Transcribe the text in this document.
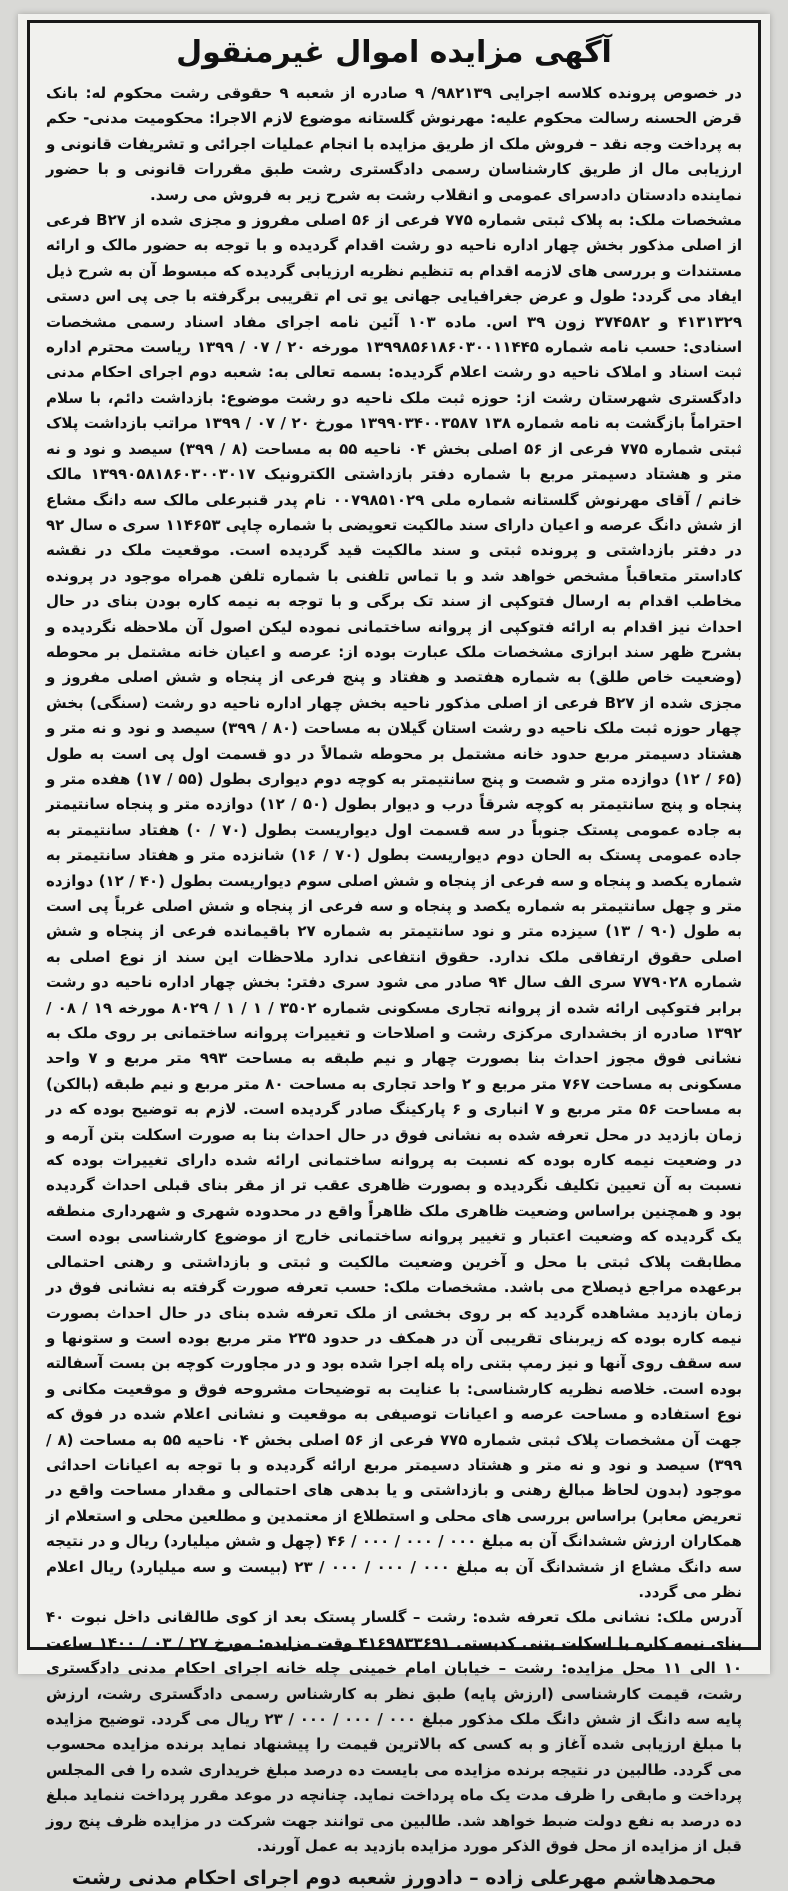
آگهی مزایده اموال غیرمنقول

در خصوص پرونده کلاسه اجرایی ۹۸۲۱۳۹/ ۹ صادره از شعبه ۹ حقوقی رشت محکوم له: بانک قرض الحسنه رسالت محکوم علیه: مهرنوش گلستانه موضوع لازم الاجرا: محکومیت مدنی- حکم به پرداخت وجه نقد – فروش ملک از طریق مزایده با انجام عملیات اجرائی و تشریفات قانونی و ارزیابی مال از طریق کارشناسان رسمی دادگستری رشت طبق مقررات قانونی و با حضور نماینده دادستان دادسرای عمومی و انقلاب رشت به شرح زیر به فروش می رسد.

مشخصات ملک: به پلاک ثبتی شماره ۷۷۵ فرعی از ۵۶ اصلی مفروز و مجزی شده از B۲۷ فرعی از اصلی مذکور بخش چهار اداره ناحیه دو رشت اقدام گردیده و با توجه به حضور مالک و ارائه مستندات و بررسی های لازمه اقدام به تنظیم نظریه ارزیابی گردیده که مبسوط آن به شرح ذیل ایفاد می گردد: طول و عرض جغرافیایی جهانی یو تی ام تقریبی برگرفته با جی پی اس دستی ۴۱۳۱۳۲۹ و ۳۷۴۵۸۲ زون ۳۹ اس. ماده ۱۰۳ آئین نامه اجرای مفاد اسناد رسمی مشخصات اسنادی: حسب نامه شماره ۱۳۹۹۸۵۶۱۸۶۰۳۰۰۱۱۴۴۵ مورخه ۲۰ / ۰۷ / ۱۳۹۹ ریاست محترم اداره ثبت اسناد و املاک ناحیه دو رشت اعلام گردیده: بسمه تعالی به: شعبه دوم اجرای احکام مدنی دادگستری شهرستان رشت از: حوزه ثبت ملک ناحیه دو رشت موضوع: بازداشت دائم، با سلام احتراماً بازگشت به نامه شماره ۱۳۸ ۱۳۹۹۰۳۴۰۰۳۵۸۷ مورخ ۲۰ / ۰۷ / ۱۳۹۹ مراتب بازداشت پلاک ثبتی شماره ۷۷۵ فرعی از ۵۶ اصلی بخش ۰۴ ناحیه ۵۵ به مساحت (۸ / ۳۹۹) سیصد و نود و نه متر و هشتاد دسیمتر مربع با شماره دفتر بازداشتی الکترونیک ۱۳۹۹۰۵۸۱۸۶۰۳۰۰۳۰۱۷ مالک خانم / آقای مهرنوش گلستانه شماره ملی ۰۰۷۹۸۵۱۰۲۹ نام پدر قنبرعلی مالک سه دانگ مشاع از شش دانگ عرصه و اعیان دارای سند مالکیت تعویضی با شماره چاپی ۱۱۴۶۵۳ سری ه سال ۹۲ در دفتر بازداشتی و پرونده ثبتی و سند مالکیت قید گردیده است. موقعیت ملک در نقشه کاداستر متعاقباً مشخص خواهد شد و با تماس تلفنی با شماره تلفن همراه موجود در پرونده مخاطب اقدام به ارسال فتوکپی از سند تک برگی و با توجه به نیمه کاره بودن بنای در حال احداث نیز اقدام به ارائه فتوکپی از پروانه ساختمانی نموده لیکن اصول آن ملاحظه نگردیده و بشرح ظهر سند ابرازی مشخصات ملک عبارت بوده از: عرصه و اعیان خانه مشتمل بر محوطه (وضعیت خاص طلق) به شماره هفتصد و هفتاد و پنج فرعی از پنجاه و شش اصلی مفروز و مجزی شده از B۲۷ فرعی از اصلی مذکور ناحیه بخش چهار اداره ناحیه دو رشت (سنگی) بخش چهار حوزه ثبت ملک ناحیه دو رشت استان گیلان به مساحت (۸۰ / ۳۹۹) سیصد و نود و نه متر و هشتاد دسیمتر مربع حدود خانه مشتمل بر محوطه شمالاً در دو قسمت اول پی است به طول (۶۵ / ۱۲) دوازده متر و شصت و پنج سانتیمتر به کوچه دوم دیواری بطول (۵۵ / ۱۷) هفده متر و پنجاه و پنج سانتیمتر به کوچه شرقاً درب و دیوار بطول (۵۰ / ۱۲) دوازده متر و پنجاه سانتیمتر به جاده عمومی پستک جنوباً در سه قسمت اول دیواریست بطول (۷۰ / ۰) هفتاد سانتیمتر به جاده عمومی پستک به الحان دوم دیواریست بطول (۷۰ / ۱۶) شانزده متر و هفتاد سانتیمتر به شماره یکصد و پنجاه و سه فرعی از پنجاه و شش اصلی سوم دیواریست بطول (۴۰ / ۱۲) دوازده متر و چهل سانتیمتر به شماره یکصد و پنجاه و سه فرعی از پنجاه و شش اصلی غرباً پی است به طول (۹۰ / ۱۳) سیزده متر و نود سانتیمتر به شماره ۲۷ باقیمانده فرعی از پنجاه و شش اصلی حقوق ارتفاقی ملک ندارد. حقوق انتفاعی ندارد ملاحظات این سند از نوع اصلی به شماره ۷۷۹۰۲۸ سری الف سال ۹۴ صادر می شود سری دفتر: بخش چهار اداره ناحیه دو رشت برابر فتوکپی ارائه شده از پروانه تجاری مسکونی شماره ۳۵۰۲ / ۱ / ۱ / ۸۰۲۹ مورخه ۱۹ / ۰۸ / ۱۳۹۲ صادره از بخشداری مرکزی رشت و اصلاحات و تغییرات پروانه ساختمانی بر روی ملک به نشانی فوق مجوز احداث بنا بصورت چهار و نیم طبقه به مساحت ۹۹۳ متر مربع و ۷ واحد مسکونی به مساحت ۷۶۷ متر مربع و ۲ واحد تجاری به مساحت ۸۰ متر مربع و نیم طبقه (بالکن) به مساحت ۵۶ متر مربع و ۷ انباری و ۶ پارکینگ صادر گردیده است. لازم به توضیح بوده که در زمان بازدید در محل تعرفه شده به نشانی فوق در حال احداث بنا به صورت اسکلت بتن آرمه و در وضعیت نیمه کاره بوده که نسبت به پروانه ساختمانی ارائه شده دارای تغییرات بوده که نسبت به آن تعیین تکلیف نگردیده و بصورت ظاهری عقب تر از مقر بنای قبلی احداث گردیده بود و همچنین براساس وضعیت ظاهری ملک ظاهراً واقع در محدوده شهری و شهرداری منطقه یک گردیده که وضعیت اعتبار و تغییر پروانه ساختمانی خارج از موضوع کارشناسی بوده است مطابقت پلاک ثبتی با محل و آخرین وضعیت مالکیت و ثبتی و بازداشتی و رهنی احتمالی برعهده مراجع ذیصلاح می باشد. مشخصات ملک: حسب تعرفه صورت گرفته به نشانی فوق در زمان بازدید مشاهده گردید که بر روی بخشی از ملک تعرفه شده بنای در حال احداث بصورت نیمه کاره بوده که زیربنای تقریبی آن در همکف در حدود ۲۳۵ متر مربع بوده است و ستونها و سه سقف روی آنها و نیز رمپ بتنی راه پله اجرا شده بود و در مجاورت کوچه بن بست آسفالته بوده است. خلاصه نظریه کارشناسی: با عنایت به توضیحات مشروحه فوق و موقعیت مکانی و نوع استفاده و مساحت عرصه و اعیانات توصیفی به موقعیت و نشانی اعلام شده در فوق که جهت آن مشخصات پلاک ثبتی شماره ۷۷۵ فرعی از ۵۶ اصلی بخش ۰۴ ناحیه ۵۵ به مساحت (۸ / ۳۹۹) سیصد و نود و نه متر و هشتاد دسیمتر مربع ارائه گردیده و با توجه به اعیانات احداثی موجود (بدون لحاظ مبالغ رهنی و بازداشتی و یا بدهی های احتمالی و مقدار مساحت واقع در تعریض معابر) براساس بررسی های محلی و استطلاع از معتمدین و مطلعین محلی و استعلام از همکاران ارزش ششدانگ آن به مبلغ ۰۰۰ / ۰۰۰ / ۰۰۰ / ۴۶ (چهل و شش میلیارد) ریال و در نتیجه سه دانگ مشاع از ششدانگ آن به مبلغ ۰۰۰ / ۰۰۰ / ۰۰۰ / ۲۳ (بیست و سه میلیارد) ریال اعلام نظر می گردد.

آدرس ملک: نشانی ملک تعرفه شده: رشت – گلسار پستک بعد از کوی طالقانی داخل نبوت ۴۰ بنای نیمه کاره با اسکلت بتنی کدپستی ۴۱۶۹۸۳۳۶۹۱ وقت مزایده: مورخ ۲۷ / ۰۳ / ۱۴۰۰ ساعت ۱۰ الی ۱۱ محل مزایده: رشت – خیابان امام خمینی چله خانه اجرای احکام مدنی دادگستری رشت، قیمت کارشناسی (ارزش پایه) طبق نظر به کارشناس رسمی دادگستری رشت، ارزش پایه سه دانگ از شش دانگ ملک مذکور مبلغ ۰۰۰ / ۰۰۰ / ۰۰۰ / ۲۳ ریال می گردد. توضیح مزایده با مبلغ ارزیابی شده آغاز و به کسی که بالاترین قیمت را پیشنهاد نماید برنده مزایده محسوب می گردد. طالبین در نتیجه برنده مزایده می بایست ده درصد مبلغ خریداری شده را فی المجلس پرداخت و مابقی را ظرف مدت یک ماه پرداخت نماید. چنانچه در موعد مقرر پرداخت ننماید مبلغ ده درصد به نفع دولت ضبط خواهد شد. طالبین می توانند جهت شرکت در مزایده ظرف پنج روز قبل از مزایده از محل فوق الذکر مورد مزایده بازدید به عمل آورند.

محمدهاشم مهرعلی زاده – دادورز شعبه دوم اجرای احکام مدنی رشت
